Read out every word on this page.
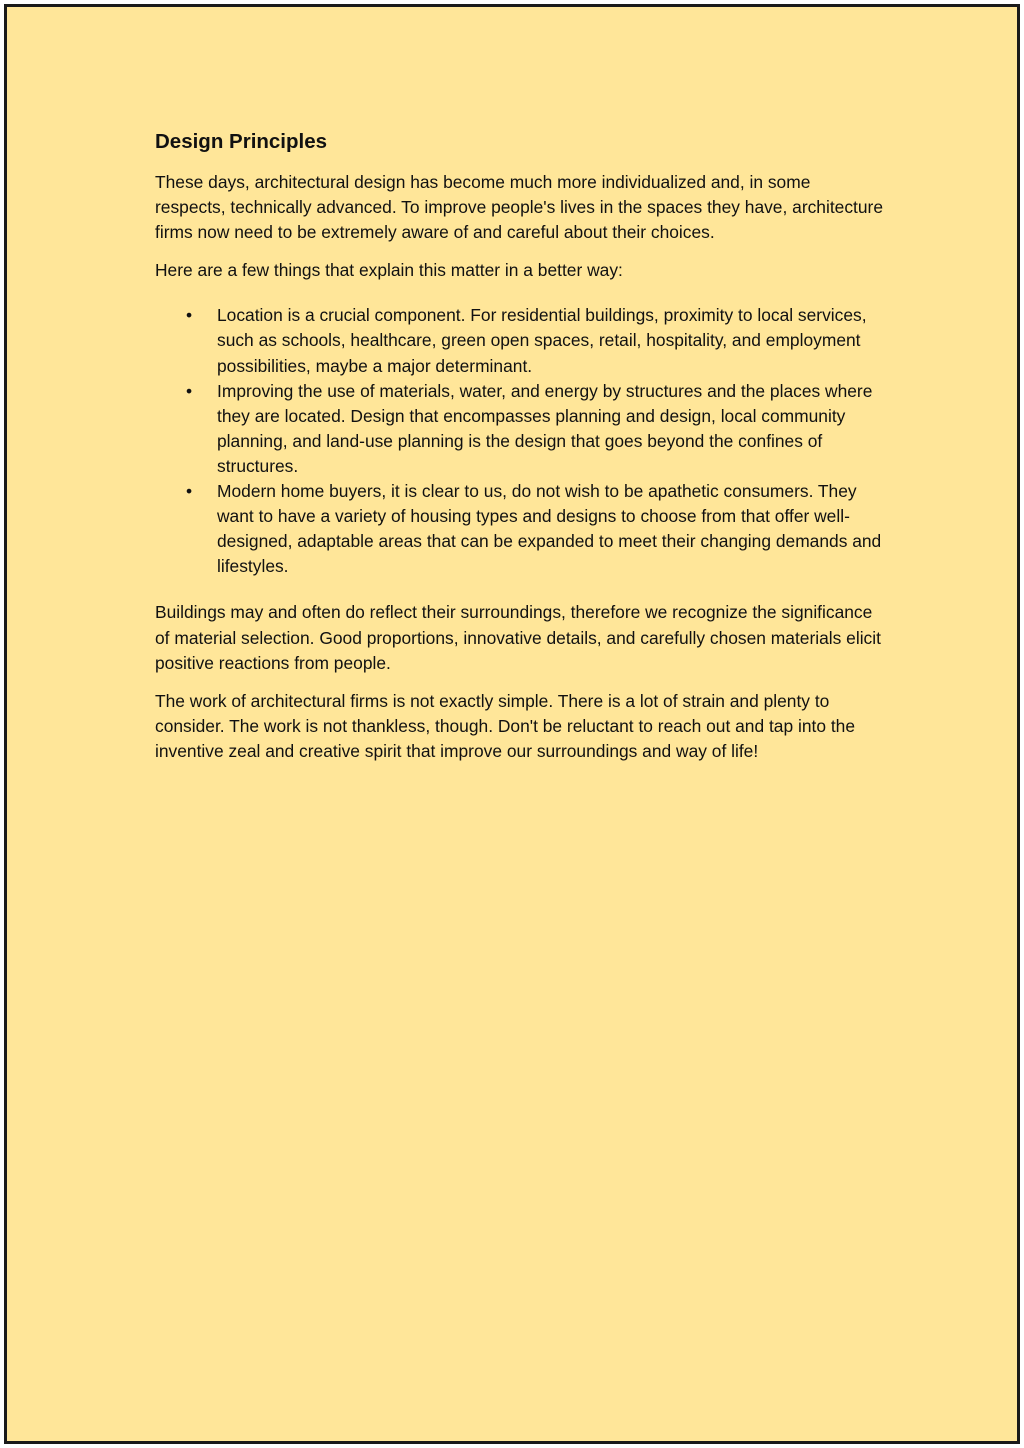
Design Principles

These days, architectural design has become much more individualized and, in some respects, technically advanced. To improve people's lives in the spaces they have, architecture firms now need to be extremely aware of and careful about their choices.

Here are a few things that explain this matter in a better way:

• Location is a crucial component. For residential buildings, proximity to local services, such as schools, healthcare, green open spaces, retail, hospitality, and employment possibilities, maybe a major determinant.
• Improving the use of materials, water, and energy by structures and the places where they are located. Design that encompasses planning and design, local community planning, and land-use planning is the design that goes beyond the confines of structures.
• Modern home buyers, it is clear to us, do not wish to be apathetic consumers. They want to have a variety of housing types and designs to choose from that offer well-designed, adaptable areas that can be expanded to meet their changing demands and lifestyles.

Buildings may and often do reflect their surroundings, therefore we recognize the significance of material selection. Good proportions, innovative details, and carefully chosen materials elicit positive reactions from people.

The work of architectural firms is not exactly simple. There is a lot of strain and plenty to consider. The work is not thankless, though. Don't be reluctant to reach out and tap into the inventive zeal and creative spirit that improve our surroundings and way of life!
